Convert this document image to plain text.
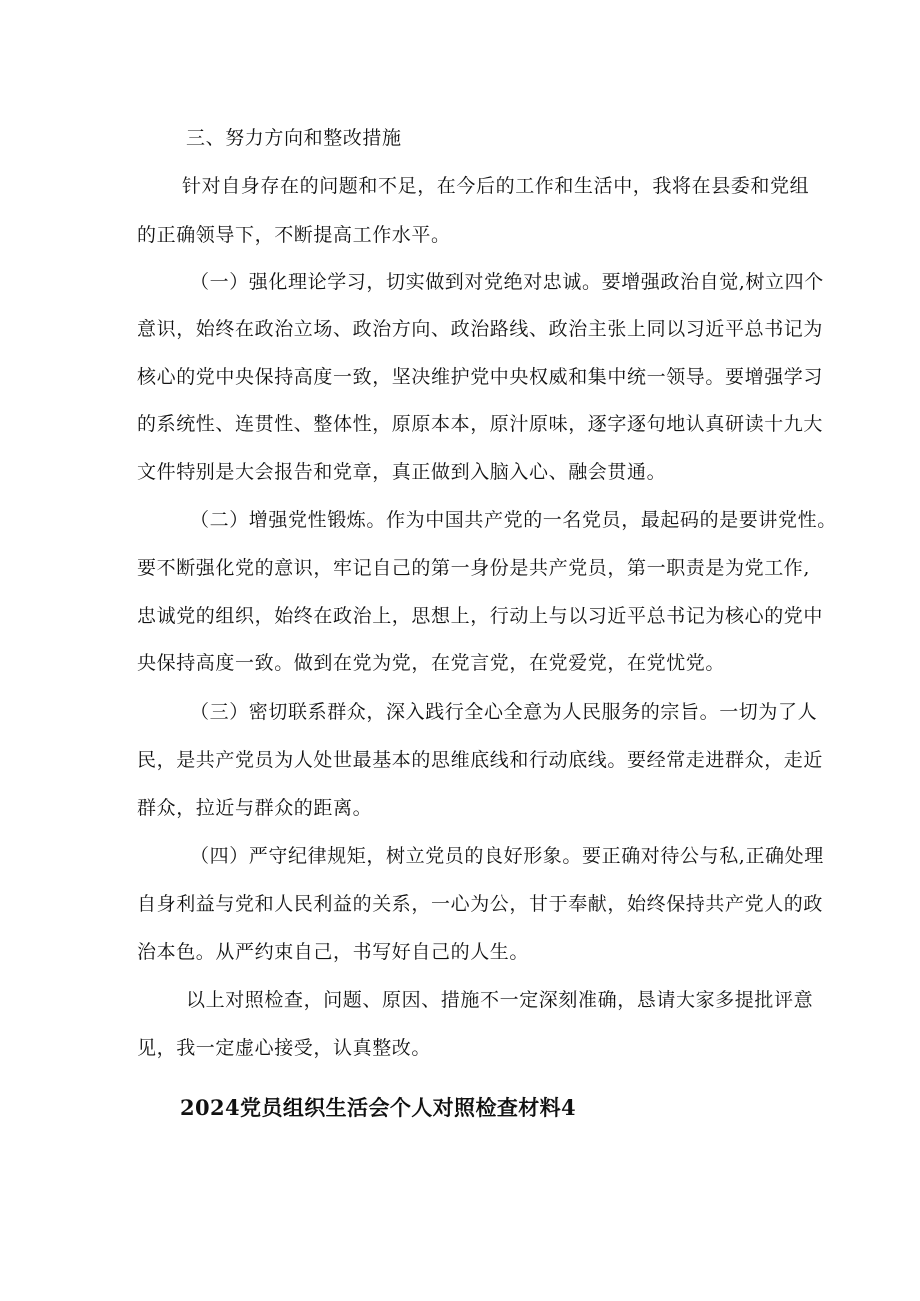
三、努力方向和整改措施
针对自身存在的问题和不足，在今后的工作和生活中，我将在县委和党组
的正确领导下，不断提高工作水平。
（一）强化理论学习，切实做到对党绝对忠诚。要增强政治自觉,树立四个
意识，始终在政治立场、政治方向、政治路线、政治主张上同以习近平总书记为
核心的党中央保持高度一致，坚决维护党中央权威和集中统一领导。要增强学习
的系统性、连贯性、整体性，原原本本，原汁原味，逐字逐句地认真研读十九大
文件特别是大会报告和党章，真正做到入脑入心、融会贯通。
（二）增强党性锻炼。作为中国共产党的一名党员，最起码的是要讲党性。
要不断强化党的意识，牢记自己的第一身份是共产党员，第一职责是为党工作,
忠诚党的组织，始终在政治上，思想上，行动上与以习近平总书记为核心的党中
央保持高度一致。做到在党为党，在党言党，在党爱党，在党忧党。
（三）密切联系群众，深入践行全心全意为人民服务的宗旨。一切为了人
民，是共产党员为人处世最基本的思维底线和行动底线。要经常走进群众，走近
群众，拉近与群众的距离。
（四）严守纪律规矩，树立党员的良好形象。要正确对待公与私,正确处理
自身利益与党和人民利益的关系，一心为公，甘于奉献，始终保持共产党人的政
治本色。从严约束自己，书写好自己的人生。
以上对照检查，问题、原因、措施不一定深刻准确，恳请大家多提批评意
见，我一定虚心接受，认真整改。
2024党员组织生活会个人对照检查材料4
